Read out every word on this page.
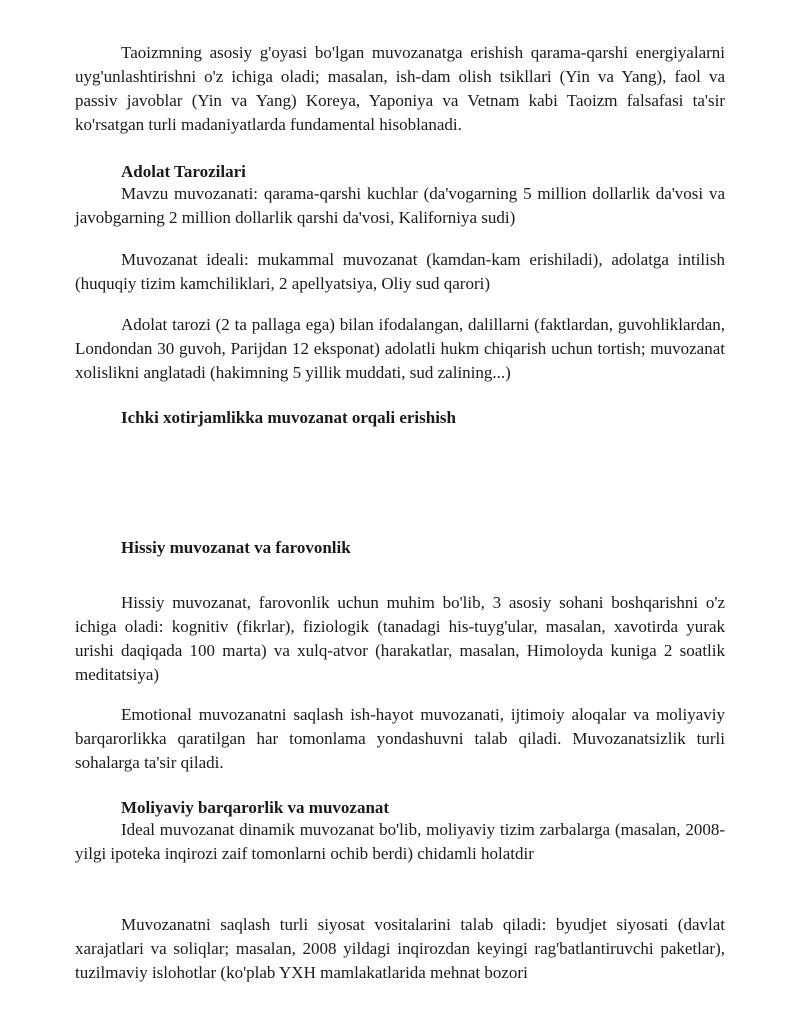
Taoizmning asosiy g'oyasi bo'lgan muvozanatga erishish qarama-qarshi energiyalarni uyg'unlashtirishni o'z ichiga oladi; masalan, ish-dam olish tsikllari (Yin va Yang), faol va passiv javoblar (Yin va Yang) Koreya, Yaponiya va Vetnam kabi Taoizm falsafasi ta'sir ko'rsatgan turli madaniyatlarda fundamental hisoblanadi.

Adolat Tarozilari

Mavzu muvozanati: qarama-qarshi kuchlar (da'vogarning 5 million dollarlik da'vosi va javobgarning 2 million dollarlik qarshi da'vosi, Kaliforniya sudi)

Muvozanat ideali: mukammal muvozanat (kamdan-kam erishiladi), adolatga intilish (huquqiy tizim kamchiliklari, 2 apellyatsiya, Oliy sud qarori)

Adolat tarozi (2 ta pallaga ega) bilan ifodalangan, dalillarni (faktlardan, guvohliklardan, Londondan 30 guvoh, Parijdan 12 eksponat) adolatli hukm chiqarish uchun tortish; muvozanat xolislikni anglatadi (hakimning 5 yillik muddati, sud zalining...)

Ichki xotirjamlikka muvozanat orqali erishish

Hissiy muvozanat va farovonlik

Hissiy muvozanat, farovonlik uchun muhim bo'lib, 3 asosiy sohani boshqarishni o'z ichiga oladi: kognitiv (fikrlar), fiziologik (tanadagi his-tuyg'ular, masalan, xavotirda yurak urishi daqiqada 100 marta) va xulq-atvor (harakatlar, masalan, Himoloyda kuniga 2 soatlik meditatsiya)

Emotional muvozanatni saqlash ish-hayot muvozanati, ijtimoiy aloqalar va moliyaviy barqarorlikka qaratilgan har tomonlama yondashuvni talab qiladi. Muvozanatsizlik turli sohalarga ta'sir qiladi.

Moliyaviy barqarorlik va muvozanat

Ideal muvozanat dinamik muvozanat bo'lib, moliyaviy tizim zarbalarga (masalan, 2008-yilgi ipoteka inqirozi zaif tomonlarni ochib berdi) chidamli holatdir

Muvozanatni saqlash turli siyosat vositalarini talab qiladi: byudjet siyosati (davlat xarajatlari va soliqlar; masalan, 2008 yildagi inqirozdan keyingi rag'batlantiruvchi paketlar), tuzilmaviy islohotlar (ko'plab YXH mamlakatlarida mehnat bozori
